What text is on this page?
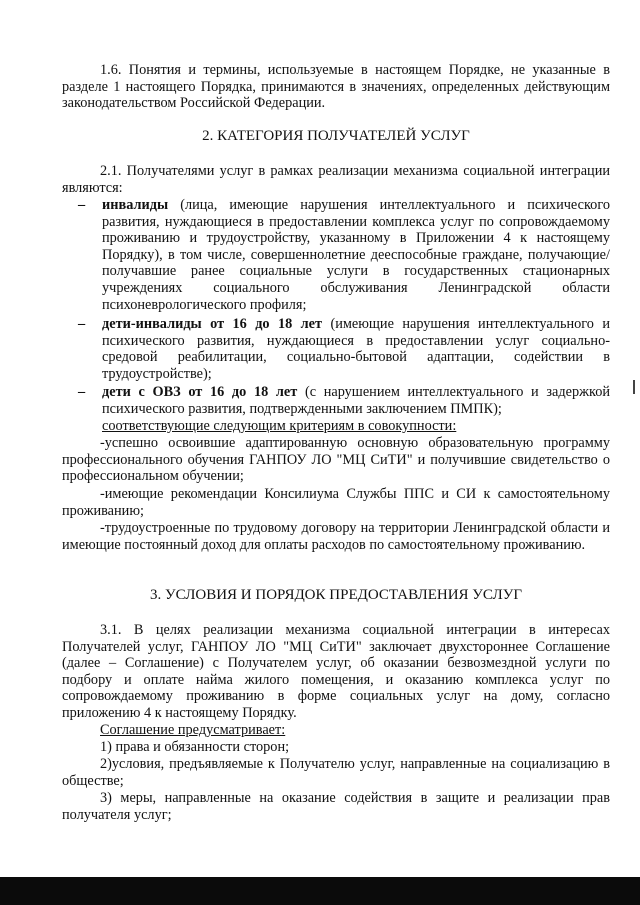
1.6. Понятия и термины, используемые в настоящем Порядке, не указанные в разделе 1 настоящего Порядка, принимаются в значениях, определенных действующим законодательством Российской Федерации.

2. КАТЕГОРИЯ ПОЛУЧАТЕЛЕЙ УСЛУГ

2.1. Получателями услуг в рамках реализации механизма социальной интеграции являются:

– инвалиды (лица, имеющие нарушения интеллектуального и психического развития, нуждающиеся в предоставлении комплекса услуг по сопровождаемому проживанию и трудоустройству, указанному в Приложении 4 к настоящему Порядку), в том числе, совершеннолетние дееспособные граждане, получающие/получавшие ранее социальные услуги в государственных стационарных учреждениях социального обслуживания Ленинградской области психоневрологического профиля;
– дети-инвалиды от 16 до 18 лет (имеющие нарушения интеллектуального и психического развития, нуждающиеся в предоставлении услуг социально-средовой реабилитации, социально-бытовой адаптации, содействии в трудоустройстве);
– дети с ОВЗ от 16 до 18 лет (с нарушением интеллектуального и задержкой психического развития, подтвержденными заключением ПМПК);

соответствующие следующим критериям в совокупности:

-успешно освоившие адаптированную основную образовательную программу профессионального обучения ГАНПОУ ЛО "МЦ СиТИ" и получившие свидетельство о профессиональном обучении;

-имеющие рекомендации Консилиума Службы ППС и СИ к самостоятельному проживанию;

-трудоустроенные по трудовому договору на территории Ленинградской области и имеющие постоянный доход для оплаты расходов по самостоятельному проживанию.

3. УСЛОВИЯ И ПОРЯДОК ПРЕДОСТАВЛЕНИЯ УСЛУГ

3.1. В целях реализации механизма социальной интеграции в интересах Получателей услуг, ГАНПОУ ЛО "МЦ СиТИ" заключает двухстороннее Соглашение (далее – Соглашение) с Получателем услуг, об оказании безвозмездной услуги по подбору и оплате найма жилого помещения, и оказанию комплекса услуг по сопровождаемому проживанию в форме социальных услуг на дому, согласно приложению 4 к настоящему Порядку.

Соглашение предусматривает:

1) права и обязанности сторон;

2)условия, предъявляемые к Получателю услуг, направленные на социализацию в обществе;

3) меры, направленные на оказание содействия в защите и реализации прав получателя услуг;
